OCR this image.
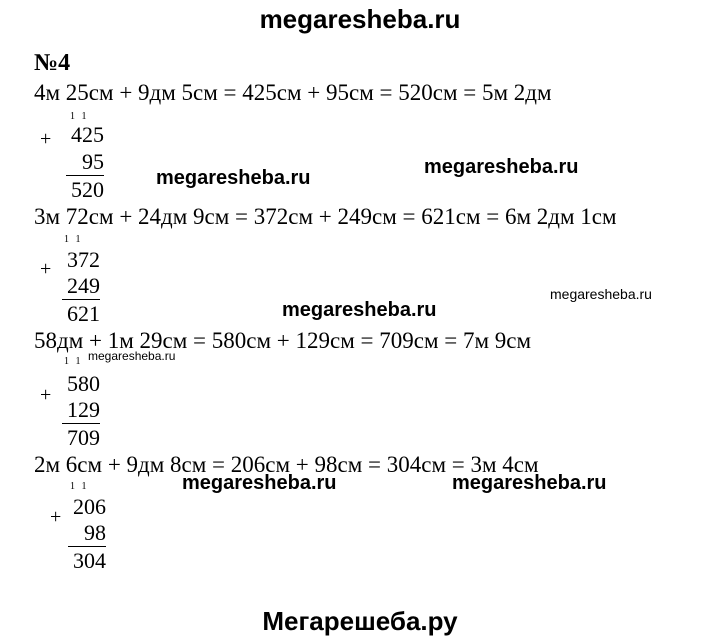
megaresheba.ru
№4
4м 25см + 9дм 5см = 425см + 95см = 520см = 5м 2дм
1 1
+ 425
95
520
3м 72см + 24дм 9см = 372см + 249см = 621см = 6м 2дм 1см
1 1
+ 372
249
621
58дм + 1м 29см = 580см + 129см = 709см = 7м 9см
1 1
+ 580
129
709
2м 6см + 9дм 8см = 206см + 98см = 304см = 3м 4см
1 1
+ 206
98
304
megaresheba.ru	megaresheba.ru
megaresheba.ru
megaresheba.ru
megaresheba.ru
megaresheba.ru	megaresheba.ru
Мегарешеба.ру
